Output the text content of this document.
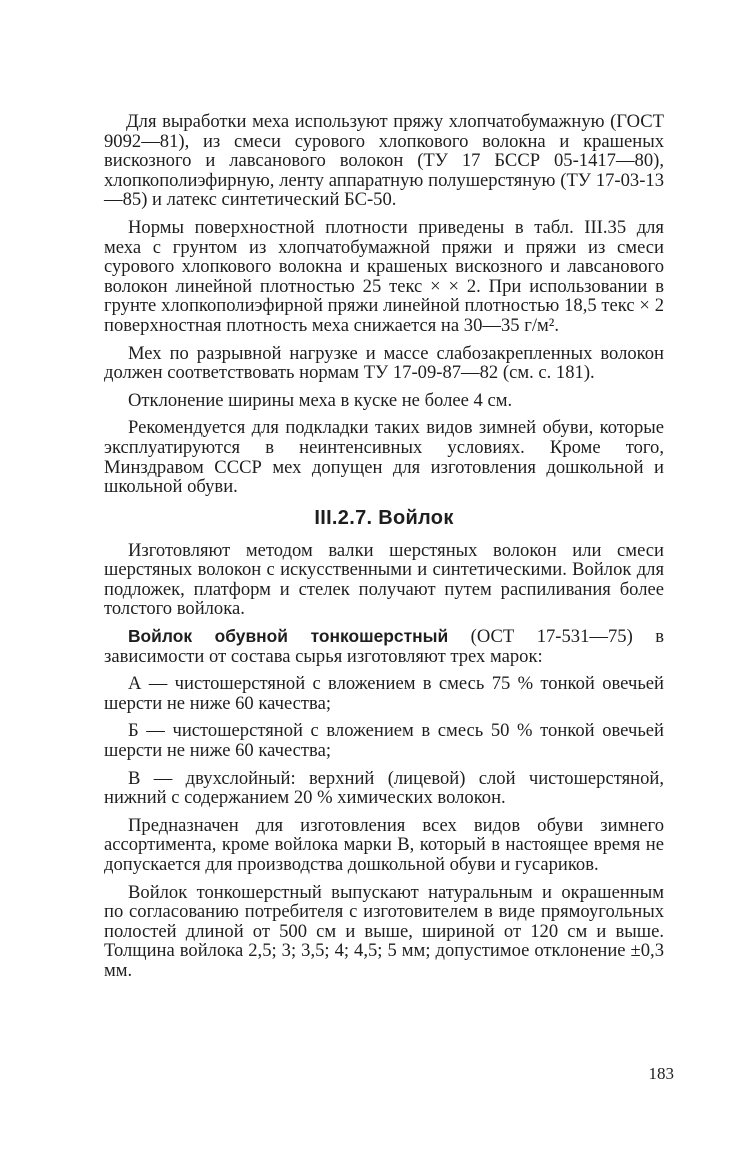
Для выработки меха используют пряжу хлопчатобумажную (ГОСТ 9092—81), из смеси сурового хлопкового волокна и крашеных вискозного и лавсанового волокон (ТУ 17 БССР 05-1417—80), хлопкополиэфирную, ленту аппаратную полушерстяную (ТУ 17-03-13—85) и латекс синтетический БС-50.

Нормы поверхностной плотности приведены в табл. III.35 для меха с грунтом из хлопчатобумажной пряжи и пряжи из смеси сурового хлопкового волокна и крашеных вискозного и лавсанового волокон линейной плотностью 25 текс × × 2. При использовании в грунте хлопкополиэфирной пряжи линейной плотностью 18,5 текс × 2 поверхностная плотность меха снижается на 30—35 г/м².

Мех по разрывной нагрузке и массе слабозакрепленных волокон должен соответствовать нормам ТУ 17-09-87—82 (см. с. 181).

Отклонение ширины меха в куске не более 4 см.

Рекомендуется для подкладки таких видов зимней обуви, которые эксплуатируются в неинтенсивных условиях. Кроме того, Минздравом СССР мех допущен для изготовления дошкольной и школьной обуви.

III.2.7. Войлок

Изготовляют методом валки шерстяных волокон или смеси шерстяных волокон с искусственными и синтетическими. Войлок для подложек, платформ и стелек получают путем распиливания более толстого войлока.

Войлок обувной тонкошерстный (ОСТ 17-531—75) в зависимости от состава сырья изготовляют трех марок:

А — чистошерстяной с вложением в смесь 75 % тонкой овечьей шерсти не ниже 60 качества;

Б — чистошерстяной с вложением в смесь 50 % тонкой овечьей шерсти не ниже 60 качества;

В — двухслойный: верхний (лицевой) слой чистошерстяной, нижний с содержанием 20 % химических волокон.

Предназначен для изготовления всех видов обуви зимнего ассортимента, кроме войлока марки В, который в настоящее время не допускается для производства дошкольной обуви и гусариков.

Войлок тонкошерстный выпускают натуральным и окрашенным по согласованию потребителя с изготовителем в виде прямоугольных полостей длиной от 500 см и выше, шириной от 120 см и выше. Толщина войлока 2,5; 3; 3,5; 4; 4,5; 5 мм; допустимое отклонение ±0,3 мм.

183
